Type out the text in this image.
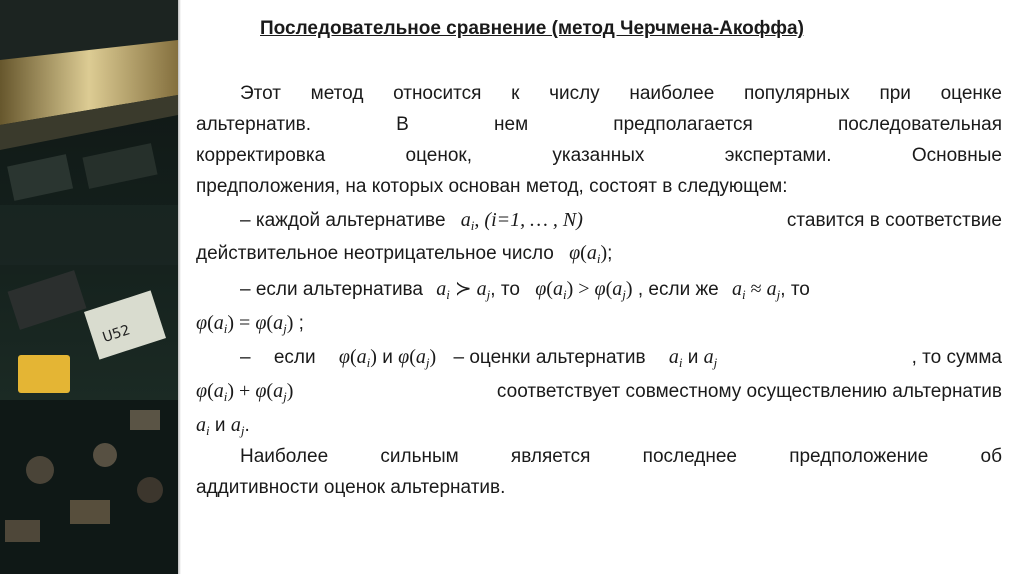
U52
Последовательное сравнение (метод Черчмена-Акоффа)
Этот метод относится к числу наиболее популярных при оценке
альтернатив. В нем предполагается последовательная
корректировка оценок, указанных экспертами. Основные
предположения, на которых основан метод, состоят в следующем:
– каждой альтернативе $a_i$, (i=1, … , N)	ставится в соответствие
действительное неотрицательное число $\varphi(a_i)$;
– если альтернатива $a_i$ ≻ $a_j$, то $\varphi(a_i) > \varphi(a_j)$ , если же $a_i \approx a_j$, то
$\varphi(a_i) = \varphi(a_j)$ ;
– если $\varphi(a_i)$ и $\varphi(a_j)$ – оценки альтернатив $a_i$ и $a_j$	, то сумма
$\varphi(a_i) + \varphi(a_j)$	соответствует совместному осуществлению альтернатив
$a_i$ и $a_j$.
Наиболее сильным является последнее предположение об
аддитивности оценок альтернатив.
